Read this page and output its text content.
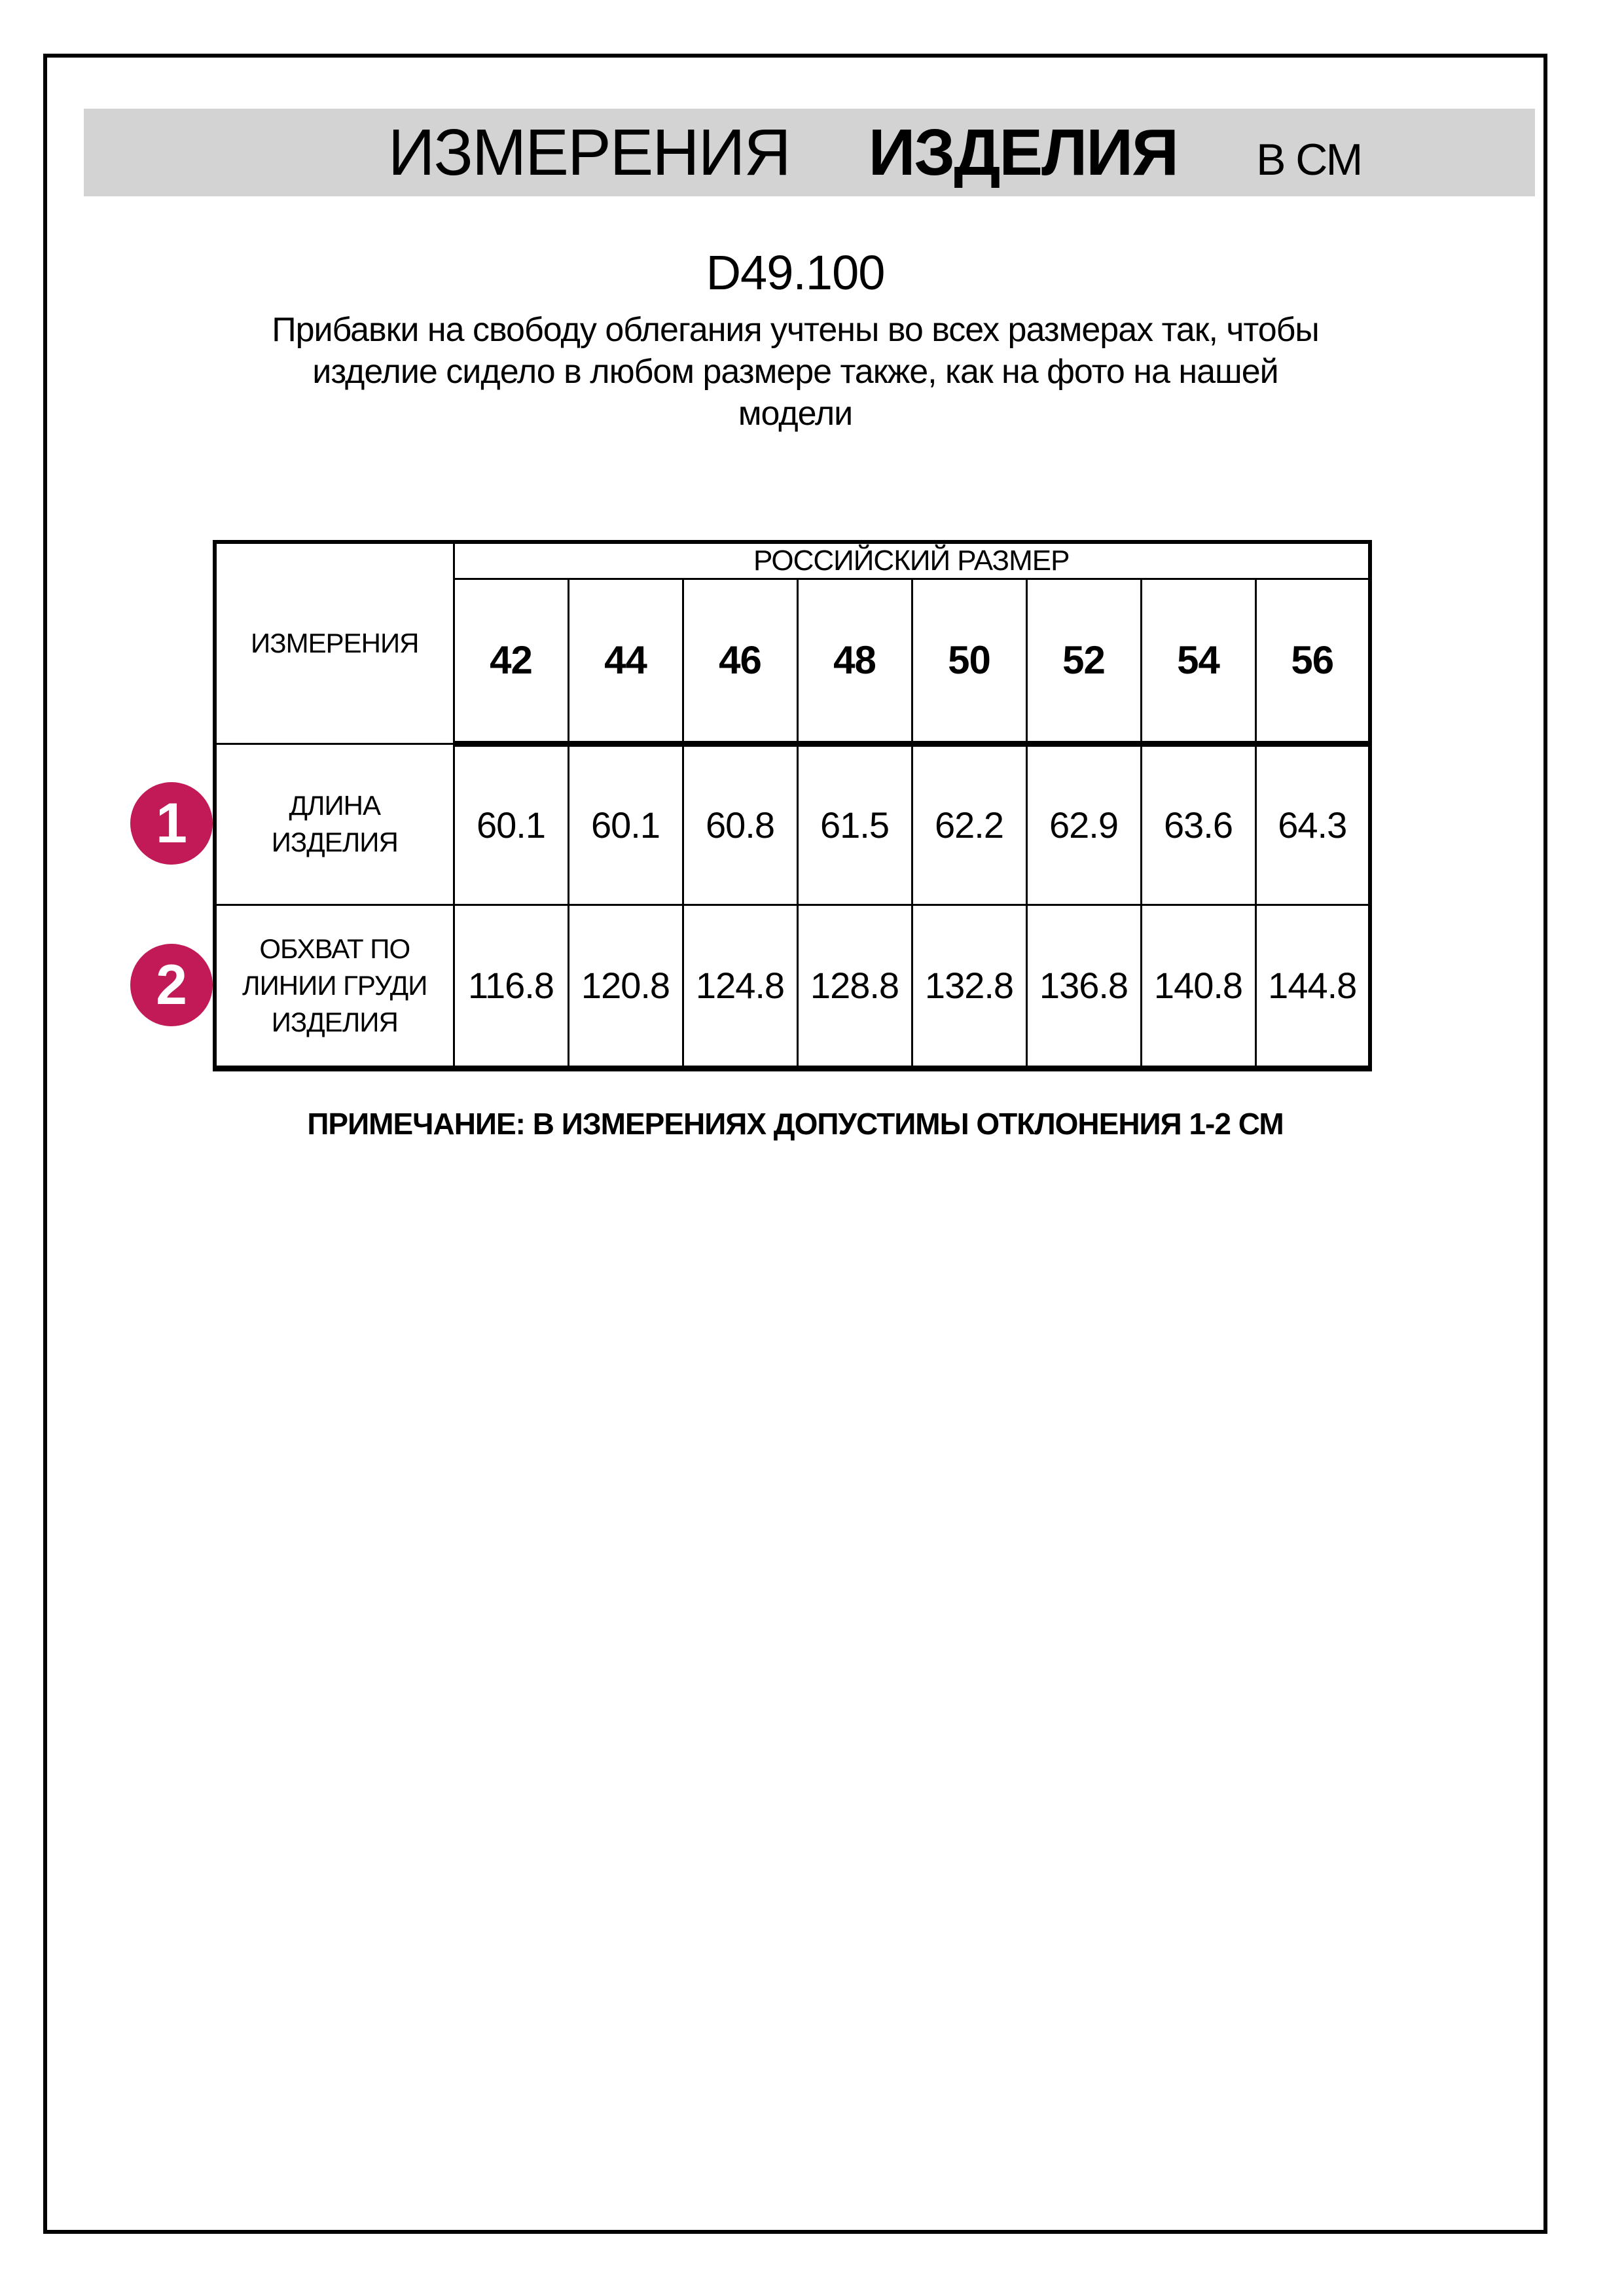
ИЗМЕРЕНИЯ ИЗДЕЛИЯ В СМ
D49.100
Прибавки на свободу облегания учтены во всех размерах так, чтобы
изделие сидело в любом размере также, как на фото на нашей
модели
ИЗМЕРЕНИЯ	РОССИЙСКИЙ РАЗМЕР							
	42	44	46	48	50	52	54	56

ДЛИНА
ИЗДЕЛИЯ	60.1	60.1	60.8	61.5	62.2	62.9	63.6	64.3

ОБХВАТ ПО
ЛИНИИ ГРУДИ
ИЗДЕЛИЯ	116.8	120.8	124.8	128.8	132.8	136.8	140.8	144.8
1
2
ПРИМЕЧАНИЕ: В ИЗМЕРЕНИЯХ ДОПУСТИМЫ ОТКЛОНЕНИЯ 1-2 СМ
